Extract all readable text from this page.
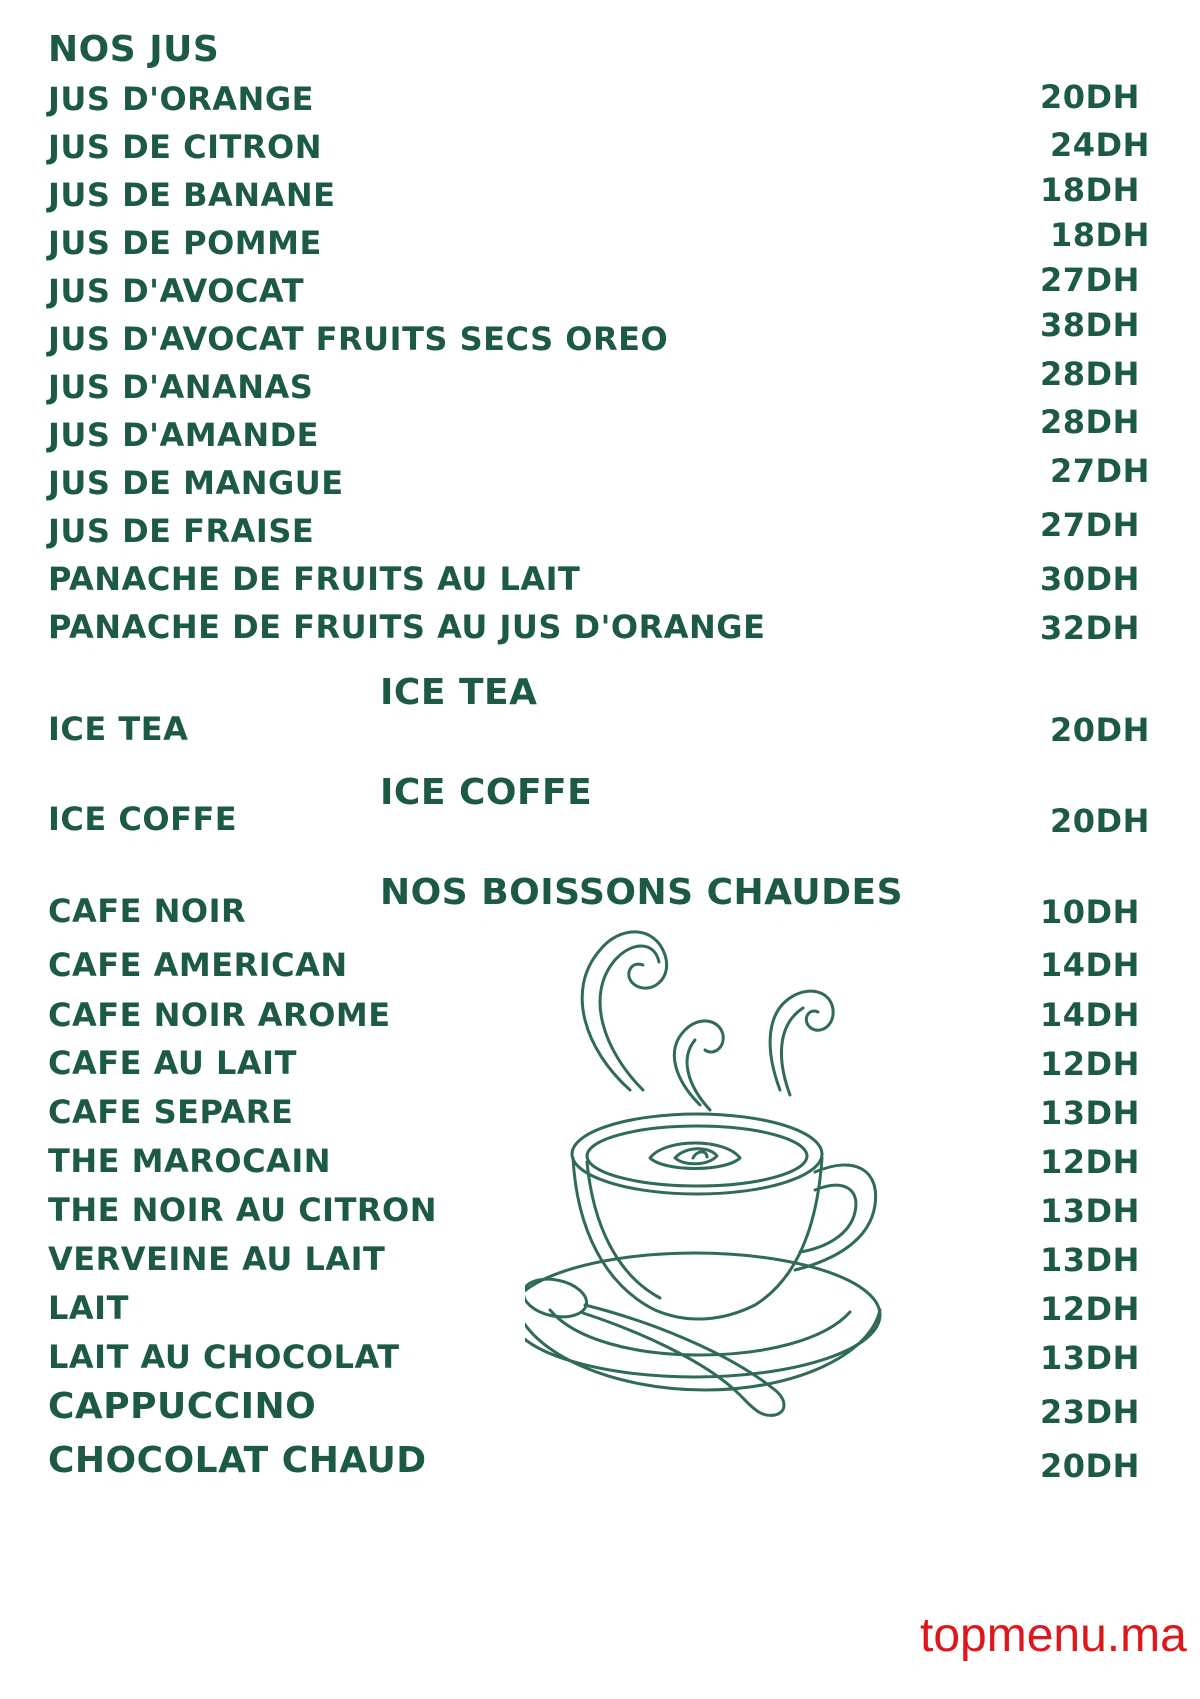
NOS JUS

JUS D'ORANGE	20DH

JUS DE CITRON	24DH

JUS DE BANANE	18DH

JUS DE POMME	18DH

JUS D'AVOCAT	27DH

JUS D'AVOCAT FRUITS SECS OREO	38DH

JUS D'ANANAS	28DH

JUS D'AMANDE	28DH

JUS DE MANGUE	27DH

JUS DE FRAISE	27DH

PANACHE DE FRUITS AU LAIT	30DH

PANACHE DE FRUITS AU JUS D'ORANGE	32DH

ICE TEA

ICE TEA	20DH

ICE COFFE

ICE COFFE	20DH

NOS BOISSONS CHAUDES

CAFE NOIR	10DH

CAFE AMERICAN	14DH

CAFE NOIR AROME	14DH

CAFE AU LAIT	12DH

CAFE SEPARE	13DH

THE MAROCAIN	12DH

THE NOIR AU CITRON	13DH

VERVEINE AU LAIT	13DH

LAIT	12DH

LAIT AU CHOCOLAT	13DH

CAPPUCCINO	23DH

CHOCOLAT CHAUD	20DH

topmenu.ma
